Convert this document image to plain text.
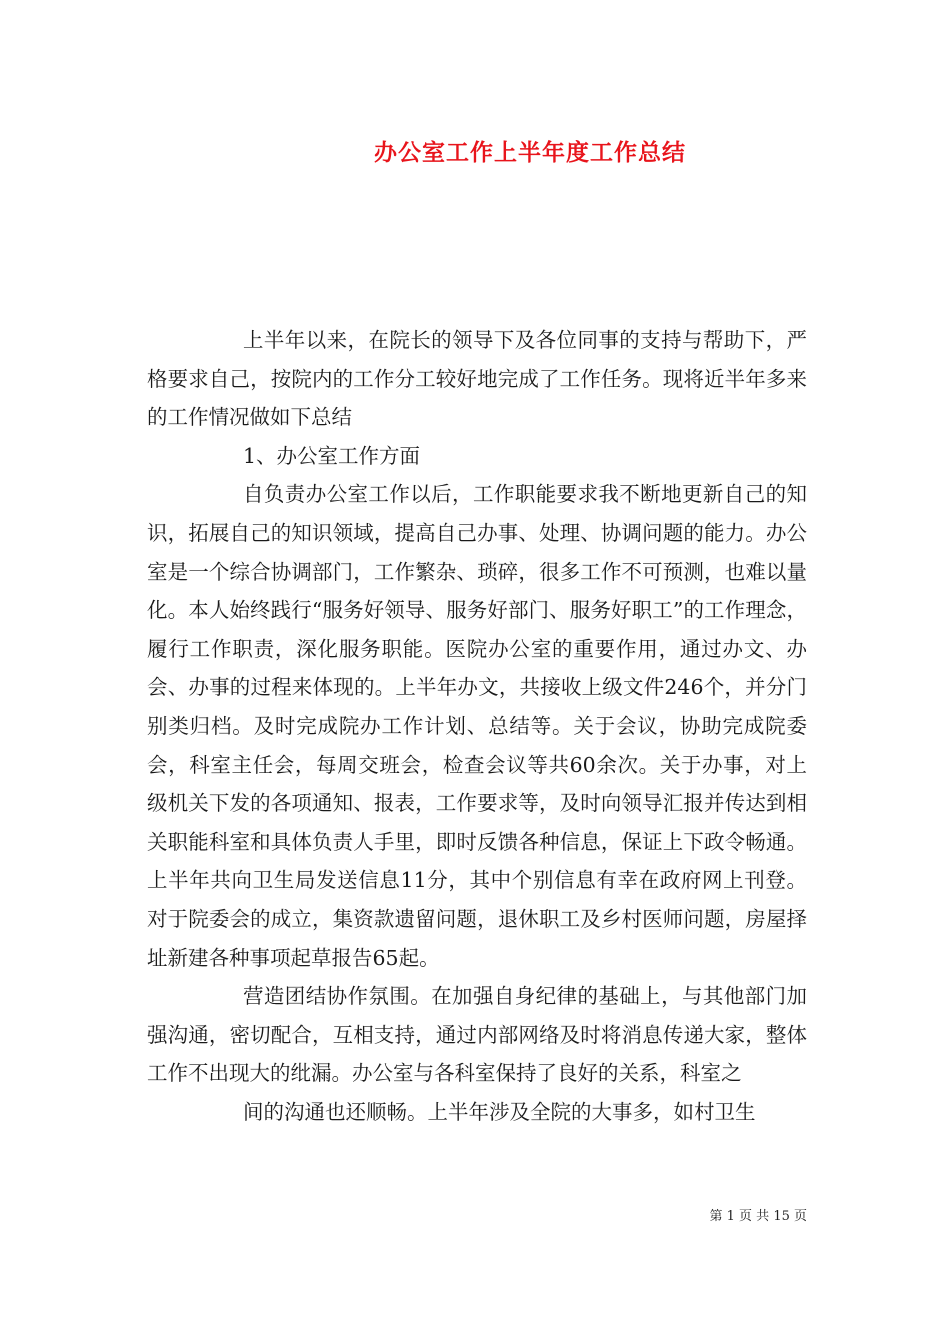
办公室工作上半年度工作总结

上半年以来，在院长的领导下及各位同事的支持与帮助下，严格要求自己，按院内的工作分工较好地完成了工作任务。现将近半年多来的工作情况做如下总结

1、办公室工作方面

自负责办公室工作以后，工作职能要求我不断地更新自己的知识，拓展自己的知识领域，提高自己办事、处理、协调问题的能力。办公室是一个综合协调部门，工作繁杂、琐碎，很多工作不可预测，也难以量化。本人始终践行“服务好领导、服务好部门、服务好职工”的工作理念，履行工作职责，深化服务职能。医院办公室的重要作用，通过办文、办会、办事的过程来体现的。上半年办文，共接收上级文件246个，并分门别类归档。及时完成院办工作计划、总结等。关于会议，协助完成院委会，科室主任会，每周交班会，检查会议等共60余次。关于办事，对上级机关下发的各项通知、报表，工作要求等，及时向领导汇报并传达到相关职能科室和具体负责人手里，即时反馈各种信息，保证上下政令畅通。上半年共向卫生局发送信息11分，其中个别信息有幸在政府网上刊登。对于院委会的成立，集资款遗留问题，退休职工及乡村医师问题，房屋择址新建各种事项起草报告65起。

营造团结协作氛围。在加强自身纪律的基础上，与其他部门加强沟通，密切配合，互相支持，通过内部网络及时将消息传递大家，整体工作不出现大的纰漏。办公室与各科室保持了良好的关系，科室之

间的沟通也还顺畅。上半年涉及全院的大事多，如村卫生

第 1 页 共 15 页
